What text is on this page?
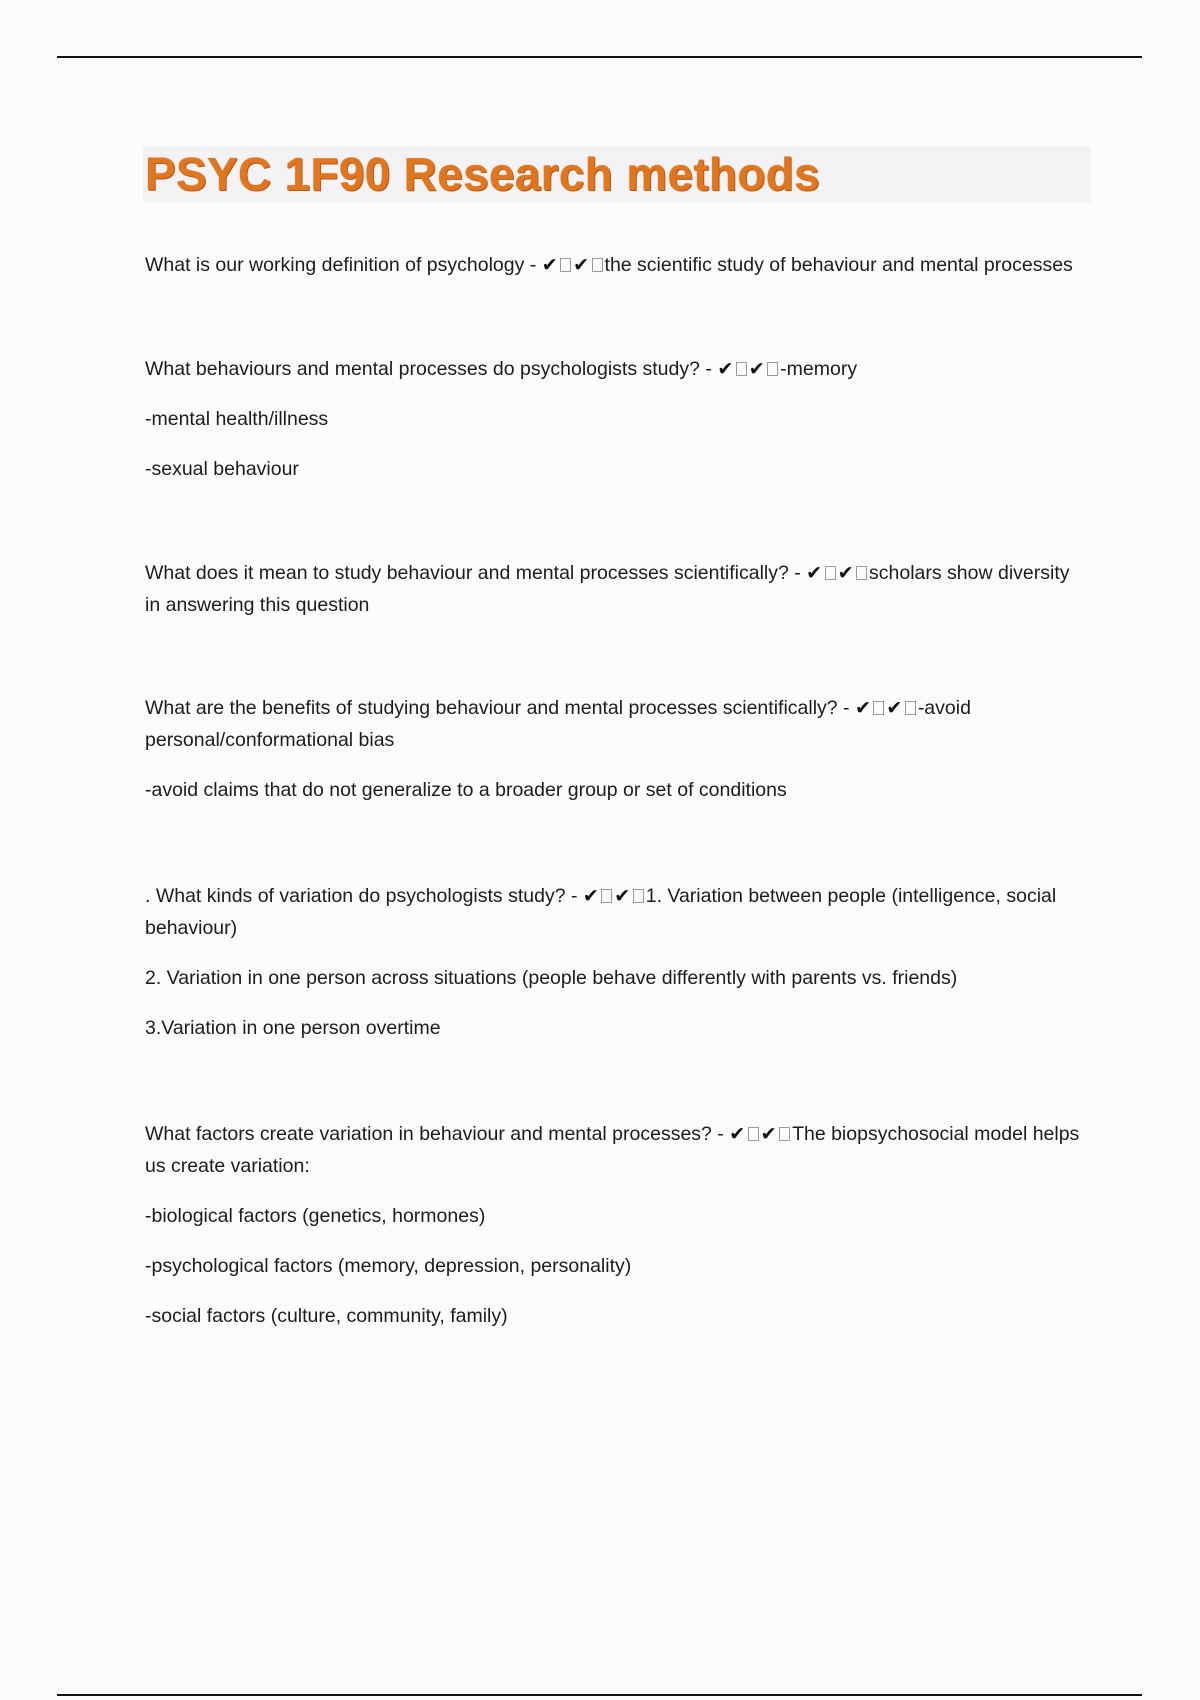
PSYC 1F90 Research methods

What is our working definition of psychology - ✔ ✔ the scientific study of behaviour and mental processes

What behaviours and mental processes do psychologists study? - ✔ ✔ -memory

-mental health/illness

-sexual behaviour

What does it mean to study behaviour and mental processes scientifically? - ✔ ✔ scholars show diversity in answering this question

What are the benefits of studying behaviour and mental processes scientifically? - ✔ ✔ -avoid personal/conformational bias

-avoid claims that do not generalize to a broader group or set of conditions

. What kinds of variation do psychologists study? - ✔ ✔ 1. Variation between people (intelligence, social behaviour)

2. Variation in one person across situations (people behave differently with parents vs. friends)

3.Variation in one person overtime

What factors create variation in behaviour and mental processes? - ✔ ✔ The biopsychosocial model helps us create variation:

-biological factors (genetics, hormones)

-psychological factors (memory, depression, personality)

-social factors (culture, community, family)
